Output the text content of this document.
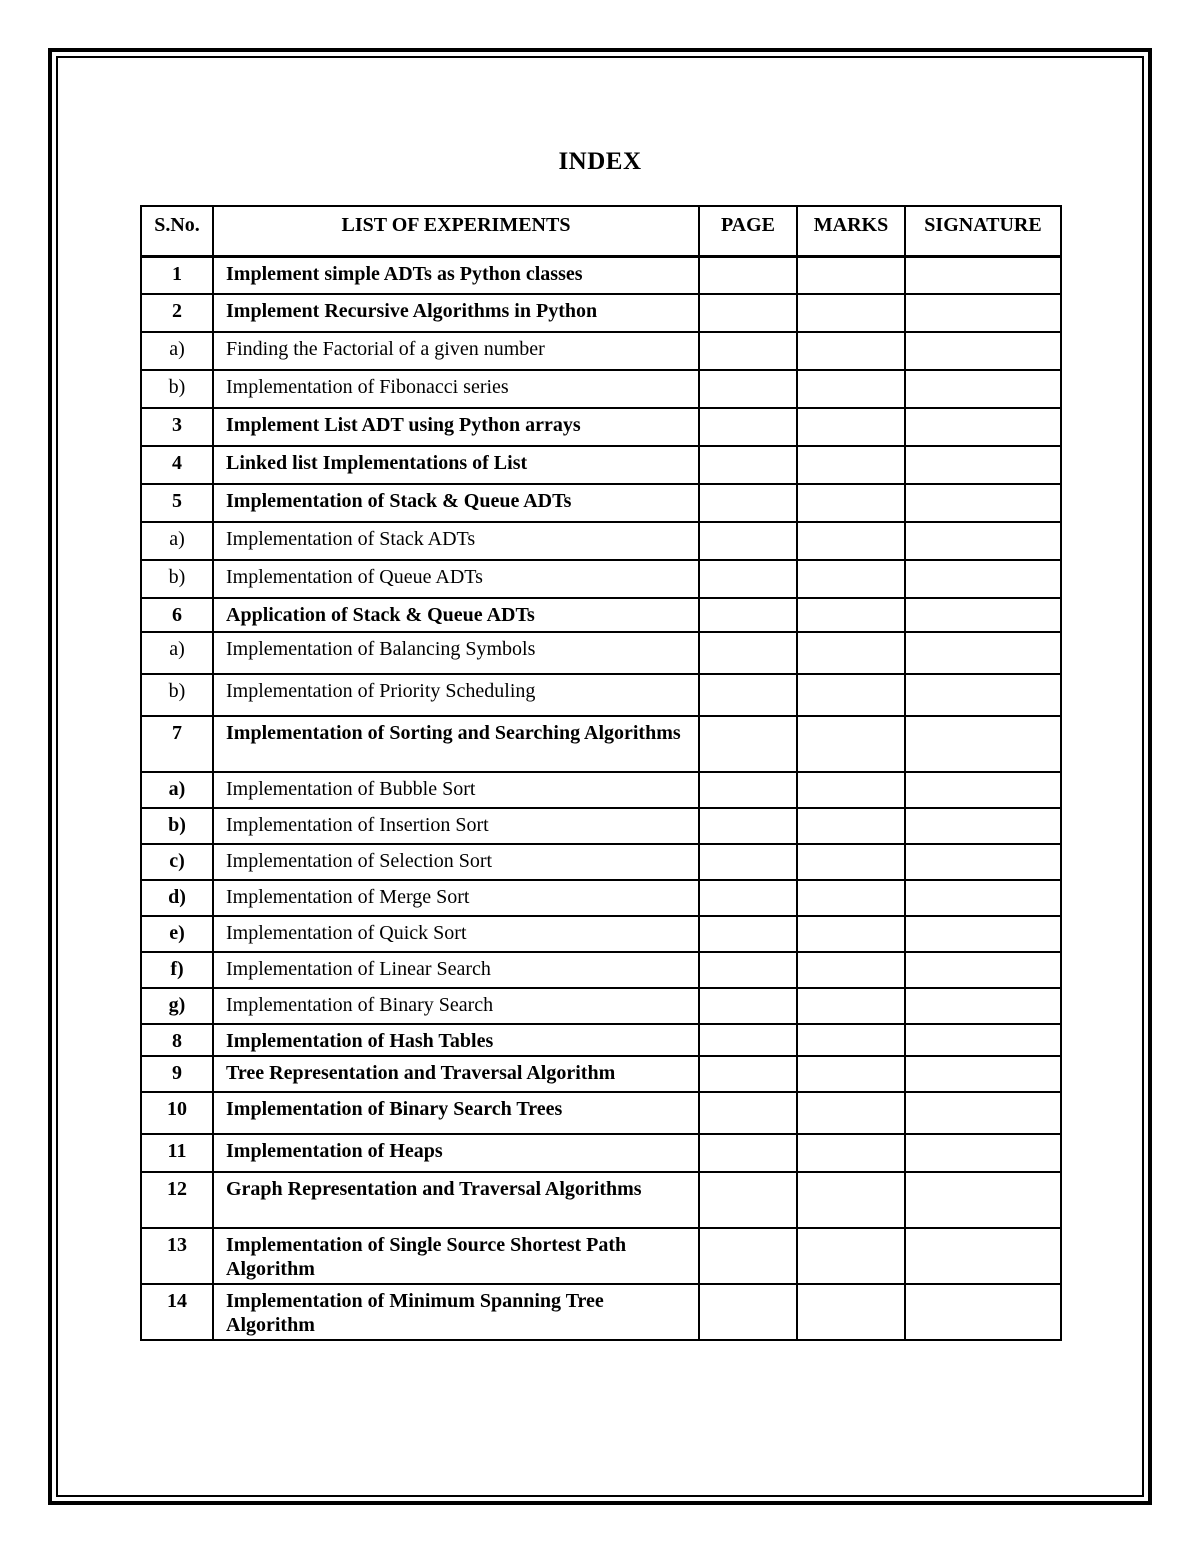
INDEX
S.No.	LIST OF EXPERIMENTS	PAGE	MARKS	SIGNATURE
1	Implement simple ADTs as Python classes			
2	Implement Recursive Algorithms in Python			
a)	Finding the Factorial of a given number			
b)	Implementation of Fibonacci series			
3	Implement List ADT using Python arrays			
4	Linked list Implementations of List			
5	Implementation of Stack & Queue ADTs			
a)	Implementation of Stack ADTs			
b)	Implementation of Queue ADTs			
6	Application of Stack & Queue ADTs			
a)	Implementation of Balancing Symbols			
b)	Implementation of Priority Scheduling			
7	Implementation of Sorting and Searching Algorithms			
a)	Implementation of Bubble Sort			
b)	Implementation of Insertion Sort			
c)	Implementation of Selection Sort			
d)	Implementation of Merge Sort			
e)	Implementation of Quick Sort			
f)	Implementation of Linear Search			
g)	Implementation of Binary Search			
8	Implementation of Hash Tables			
9	Tree Representation and Traversal Algorithm			
10	Implementation of Binary Search Trees			
11	Implementation of Heaps			
12	Graph Representation and Traversal Algorithms			
13	Implementation of Single Source Shortest Path Algorithm			
14	Implementation of Minimum Spanning Tree Algorithm			
